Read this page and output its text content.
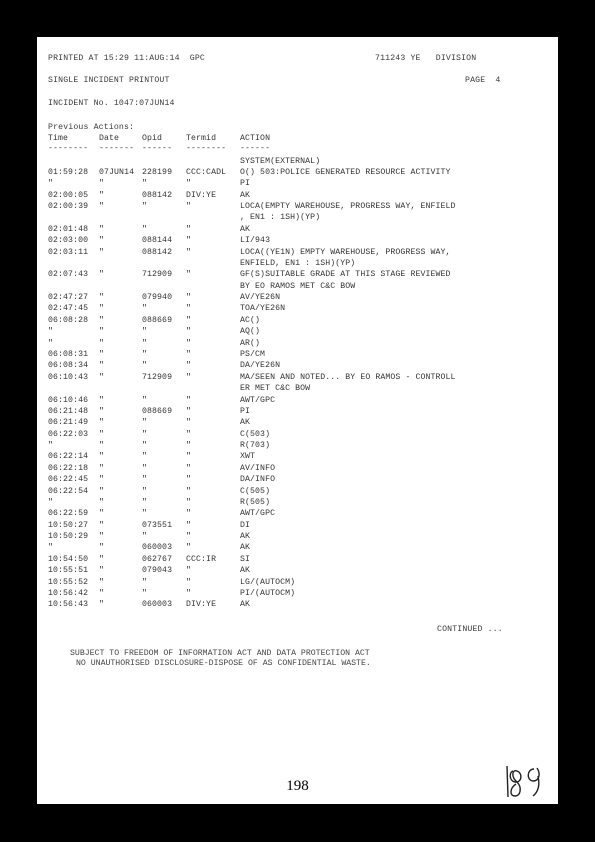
PRINTED AT 15:29 11:AUG:14  GPC	711243 YE   DIVISION
SINGLE INCIDENT PRINTOUT	PAGE  4
INCIDENT No. 1047:07JUN14
Previous Actions:
Time	Date	Opid	Termid	ACTION
-------- ------- ------ -------- ------
SYSTEM(EXTERNAL)
01:59:28 07JUN14 228199 CCC:CADL O() 503:POLICE GENERATED RESOURCE ACTIVITY
"	"	"	"	PI
02:00:05 "	088142 DIV:YE	AK
02:00:39 "	"	"	LOCA(EMPTY WAREHOUSE, PROGRESS WAY, ENFIELD
, EN1 : 1SH)(YP)
02:01:48 "	"	"	AK
02:03:00 "	088144 "	LI/943
02:03:11 "	088142 "	LOCA((YE1N) EMPTY WAREHOUSE, PROGRESS WAY,
ENFIELD, EN1 : 1SH)(YP)
02:07:43 "	712909 "	GF(S)SUITABLE GRADE AT THIS STAGE REVIEWED
BY EO RAMOS MET C&C BOW
02:47:27 "	079940 "	AV/YE26N
02:47:45 "	"	"	TOA/YE26N
06:08:28 "	088669 "	AC()
"	"	"	"	AQ()
"	"	"	"	AR()
06:08:31 "	"	"	PS/CM
06:08:34 "	"	"	DA/YE26N
06:10:43 "	712909 "	MA/SEEN AND NOTED... BY EO RAMOS - CONTROLL
ER MET C&C BOW
06:10:46 "	"	"	AWT/GPC
06:21:48 "	088669 "	PI
06:21:49 "	"	"	AK
06:22:03 "	"	"	C(503)
"	"	"	"	R(703)
06:22:14 "	"	"	XWT
06:22:18 "	"	"	AV/INFO
06:22:45 "	"	"	DA/INFO
06:22:54 "	"	"	C(505)
"	"	"	"	R(505)
06:22:59 "	"	"	AWT/GPC
10:50:27 "	073551 "	DI
10:50:29 "	"	"	AK
"	"	060003 "	AK
10:54:50 "	062767 CCC:IR	SI
10:55:51 "	079043 "	AK
10:55:52 "	"	"	LG/(AUTOCM)
10:56:42 "	"	"	PI/(AUTOCM)
10:56:43 "	060003 DIV:YE	AK
CONTINUED ...
SUBJECT TO FREEDOM OF INFORMATION ACT AND DATA PROTECTION ACT
NO UNAUTHORISED DISCLOSURE-DISPOSE OF AS CONFIDENTIAL WASTE.
198
